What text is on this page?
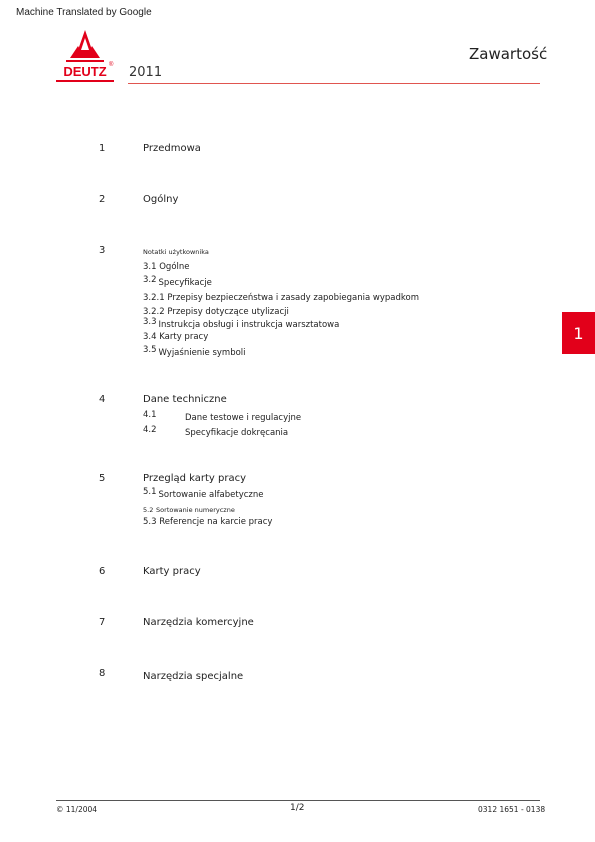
Machine Translated by Google
DEUTZ ® 2011
Zawartość
1	Przedmowa
2	Ogólny
3	Notatki użytkownika
3.1 Ogólne
3.2 Specyfikacje
3.2.1 Przepisy bezpieczeństwa i zasady zapobiegania wypadkom
3.2.2 Przepisy dotyczące utylizacji
3.3 Instrukcja obsługi i instrukcja warsztatowa
3.4 Karty pracy
3.5 Wyjaśnienie symboli
4	Dane techniczne
4.1	Dane testowe i regulacyjne
4.2	Specyfikacje dokręcania
5	Przegląd karty pracy
5.1 Sortowanie alfabetyczne
5.2 Sortowanie numeryczne
5.3 Referencje na karcie pracy
6	Karty pracy
7	Narzędzia komercyjne
8	Narzędzia specjalne
1
© 11/2004	1/2	0312 1651 - 0138
